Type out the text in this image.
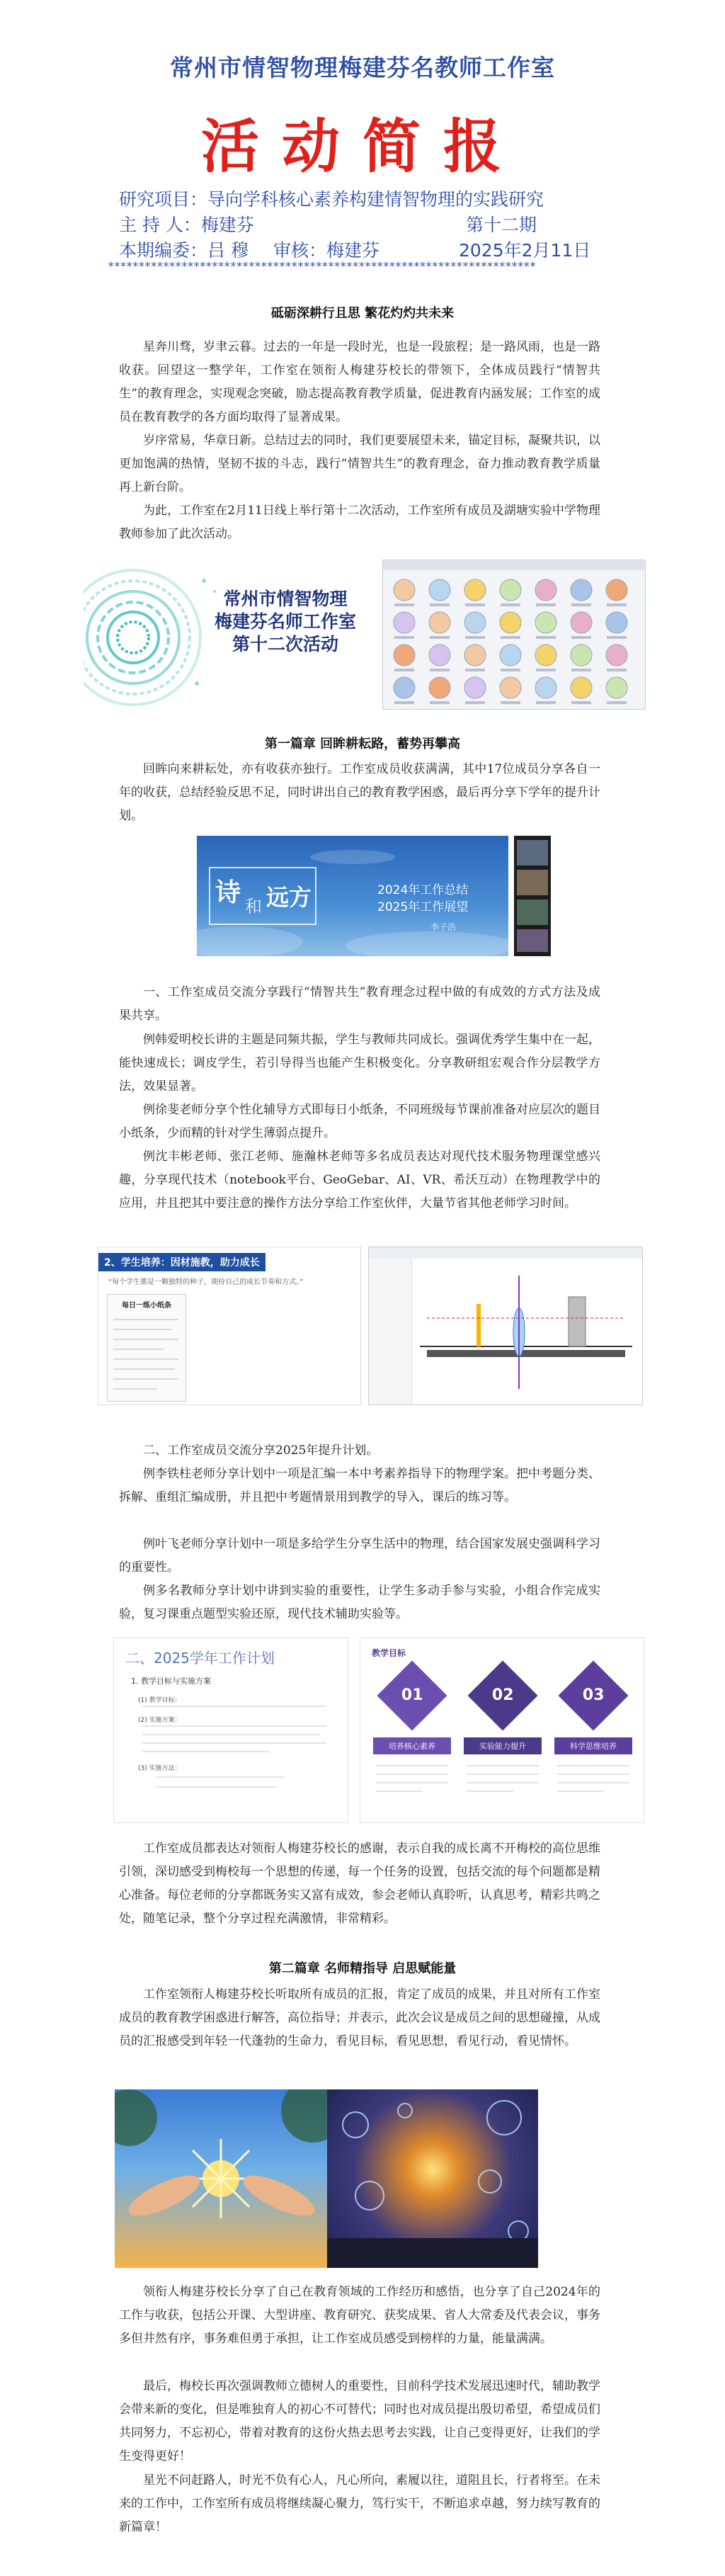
常州市情智物理梅建芬名教师工作室
活动简报
研究项目：导向学科核心素养构建情智物理的实践研究
主 持 人：梅建芬	第十二期
本期编委：吕 穆 审核：梅建芬	2025年2月11日
**********************************************************************
砥砺深耕行且思 繁花灼灼共未来
星奔川骛，岁聿云暮。过去的一年是一段时光，也是一段旅程；是一路风雨，也是一路收获。回望这一整学年，工作室在领衔人梅建芬校长的带领下，全体成员践行“情智共生”的教育理念，实现观念突破，励志提高教育教学质量，促进教育内涵发展；工作室的成员在教育教学的各方面均取得了显著成果。
岁序常易，华章日新。总结过去的同时，我们更要展望未来，锚定目标，凝聚共识，以更加饱满的热情，坚韧不拔的斗志，践行“情智共生”的教育理念，奋力推动教育教学质量再上新台阶。
为此，工作室在2月11日线上举行第十二次活动，工作室所有成员及湖塘实验中学物理教师参加了此次活动。
常州市情智物理
梅建芬名师工作室
第十二次活动
第一篇章 回眸耕耘路，蓄势再攀高
回眸向来耕耘处，亦有收获亦独行。工作室成员收获满满，其中17位成员分享各自一年的收获，总结经验反思不足，同时讲出自己的教育教学困惑，最后再分享下学年的提升计划。
诗 和 远方	2024年工作总结
2025年工作展望
李子浩
一、工作室成员交流分享践行“情智共生”教育理念过程中做的有成效的方式方法及成果共享。
例韩爱明校长讲的主题是同频共振，学生与教师共同成长。强调优秀学生集中在一起，能快速成长；调皮学生，若引导得当也能产生积极变化。分享教研组宏观合作分层教学方法，效果显著。
例徐斐老师分享个性化辅导方式即每日小纸条，不同班级每节课前准备对应层次的题目小纸条，少而精的针对学生薄弱点提升。
例沈丰彬老师、张江老师、施瀚林老师等多名成员表达对现代技术服务物理课堂感兴趣，分享现代技术（notebook平台、GeoGebar、AI、VR、希沃互动）在物理教学中的应用，并且把其中要注意的操作方法分享给工作室伙伴，大量节省其他老师学习时间。
2、学生培养：因材施教，助力成长
“每个学生都是一颗独特的种子，期待自己的成长节奏和方式。”
每日一练小纸条
二、工作室成员交流分享2025年提升计划。
例李铁柱老师分享计划中一项是汇编一本中考素养指导下的物理学案。把中考题分类、拆解、重组汇编成册，并且把中考题情景用到教学的导入，课后的练习等。
例叶飞老师分享计划中一项是多给学生分享生活中的物理，结合国家发展史强调科学习的重要性。
例多名教师分享计划中讲到实验的重要性，让学生多动手参与实验，小组合作完成实验，复习课重点题型实验还原，现代技术辅助实验等。
二、2025学年工作计划
1. 教学目标与实施方案
(1) 教学目标：
(2) 实施方案：
(3) 实施方法：
教学目标
01
培养核心素养
02
实验能力提升
03
科学思维培养
工作室成员都表达对领衔人梅建芬校长的感谢，表示自我的成长离不开梅校的高位思维引领，深切感受到梅校每一个思想的传递，每一个任务的设置，包括交流的每个问题都是精心准备。每位老师的分享都既务实又富有成效，参会老师认真聆听，认真思考，精彩共鸣之处，随笔记录，整个分享过程充满激情，非常精彩。
第二篇章 名师精指导 启思赋能量
工作室领衔人梅建芬校长听取所有成员的汇报，肯定了成员的成果，并且对所有工作室成员的教育教学困惑进行解答，高位指导；并表示，此次会议是成员之间的思想碰撞，从成员的汇报感受到年轻一代蓬勃的生命力，看见目标，看见思想，看见行动，看见情怀。
领衔人梅建芬校长分享了自己在教育领域的工作经历和感悟，也分享了自己2024年的工作与收获，包括公开课、大型讲座、教育研究、获奖成果、省人大常委及代表会议，事务多但井然有序，事务难但勇于承担，让工作室成员感受到榜样的力量，能量满满。
最后，梅校长再次强调教师立德树人的重要性，目前科学技术发展迅速时代，辅助教学会带来新的变化，但是唯独育人的初心不可替代；同时也对成员提出殷切希望，希望成员们共同努力，不忘初心，带着对教育的这份火热去思考去实践，让自己变得更好，让我们的学生变得更好！
星光不问赶路人，时光不负有心人，凡心所向，素履以往，道阻且长，行者将至。在未来的工作中，工作室所有成员将继续凝心聚力，笃行实干，不断追求卓越，努力续写教育的新篇章！
